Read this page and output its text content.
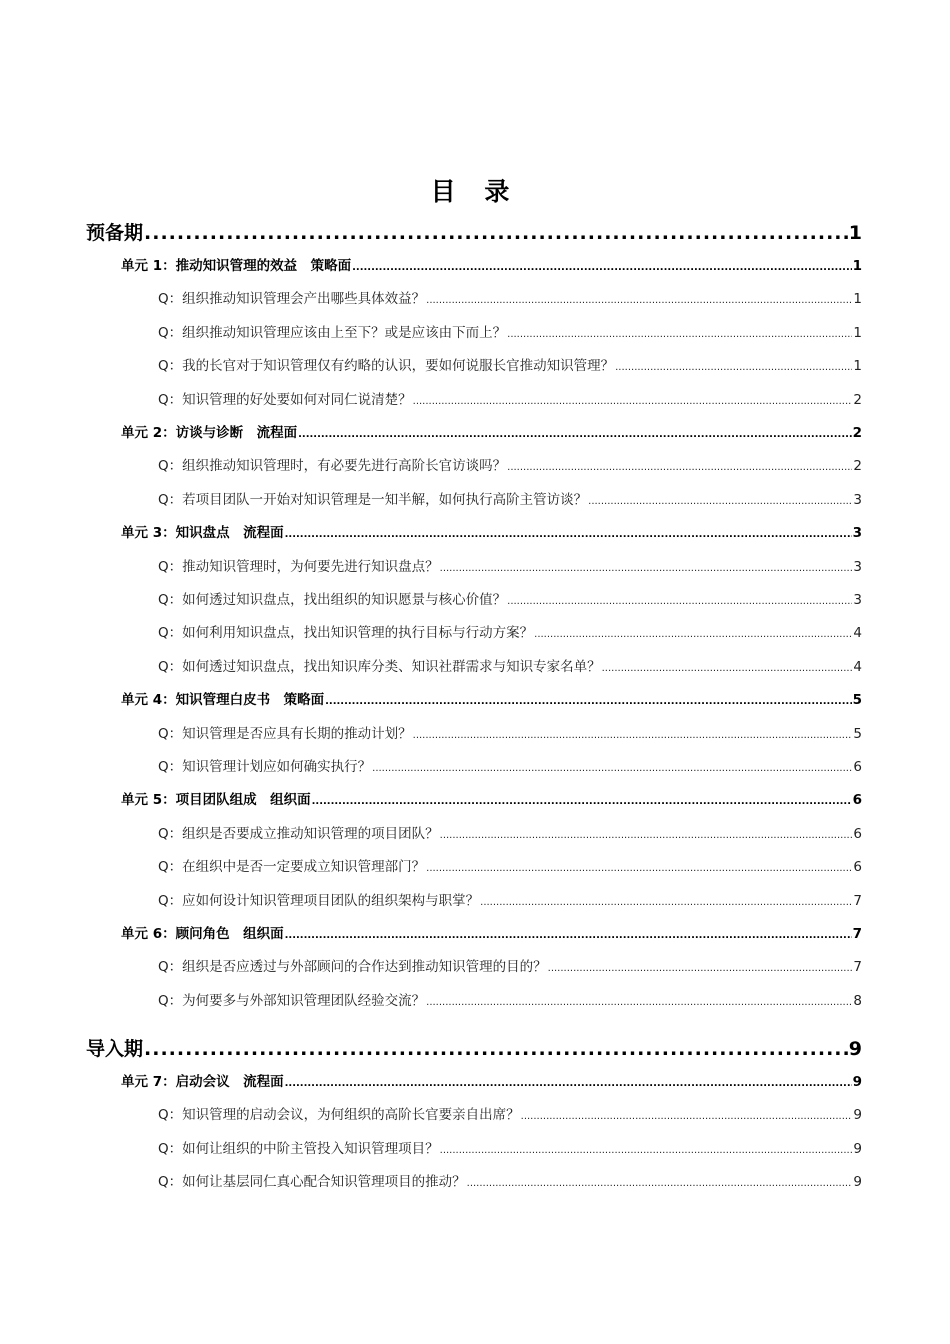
目 录
预备期 .....	1
单元 1：推动知识管理的效益　策略面 .....	1
Q：组织推动知识管理会产出哪些具体效益？ .....	1
Q：组织推动知识管理应该由上至下？或是应该由下而上？ .....	1
Q：我的长官对于知识管理仅有约略的认识，要如何说服长官推动知识管理？ .....	1
Q：知识管理的好处要如何对同仁说清楚？ .....	2
单元 2：访谈与诊断　流程面 .....	2
Q：组织推动知识管理时，有必要先进行高阶长官访谈吗？ .....	2
Q：若项目团队一开始对知识管理是一知半解，如何执行高阶主管访谈？ .....	3
单元 3：知识盘点　流程面 .....	3
Q：推动知识管理时，为何要先进行知识盘点？ .....	3
Q：如何透过知识盘点，找出组织的知识愿景与核心价值？ .....	3
Q：如何利用知识盘点，找出知识管理的执行目标与行动方案？ .....	4
Q：如何透过知识盘点，找出知识库分类、知识社群需求与知识专家名单？ .....	4
单元 4：知识管理白皮书　策略面 .....	5
Q：知识管理是否应具有长期的推动计划？ .....	5
Q：知识管理计划应如何确实执行？ .....	6
单元 5：项目团队组成　组织面 .....	6
Q：组织是否要成立推动知识管理的项目团队？ .....	6
Q：在组织中是否一定要成立知识管理部门？ .....	6
Q：应如何设计知识管理项目团队的组织架构与职掌？ .....	7
单元 6：顾问角色　组织面 .....	7
Q：组织是否应透过与外部顾问的合作达到推动知识管理的目的？ .....	7
Q：为何要多与外部知识管理团队经验交流？ .....	8
导入期 .....	9
单元 7：启动会议　流程面 .....	9
Q：知识管理的启动会议，为何组织的高阶长官要亲自出席？ .....	9
Q：如何让组织的中阶主管投入知识管理项目？ .....	9
Q：如何让基层同仁真心配合知识管理项目的推动？ .....	9
